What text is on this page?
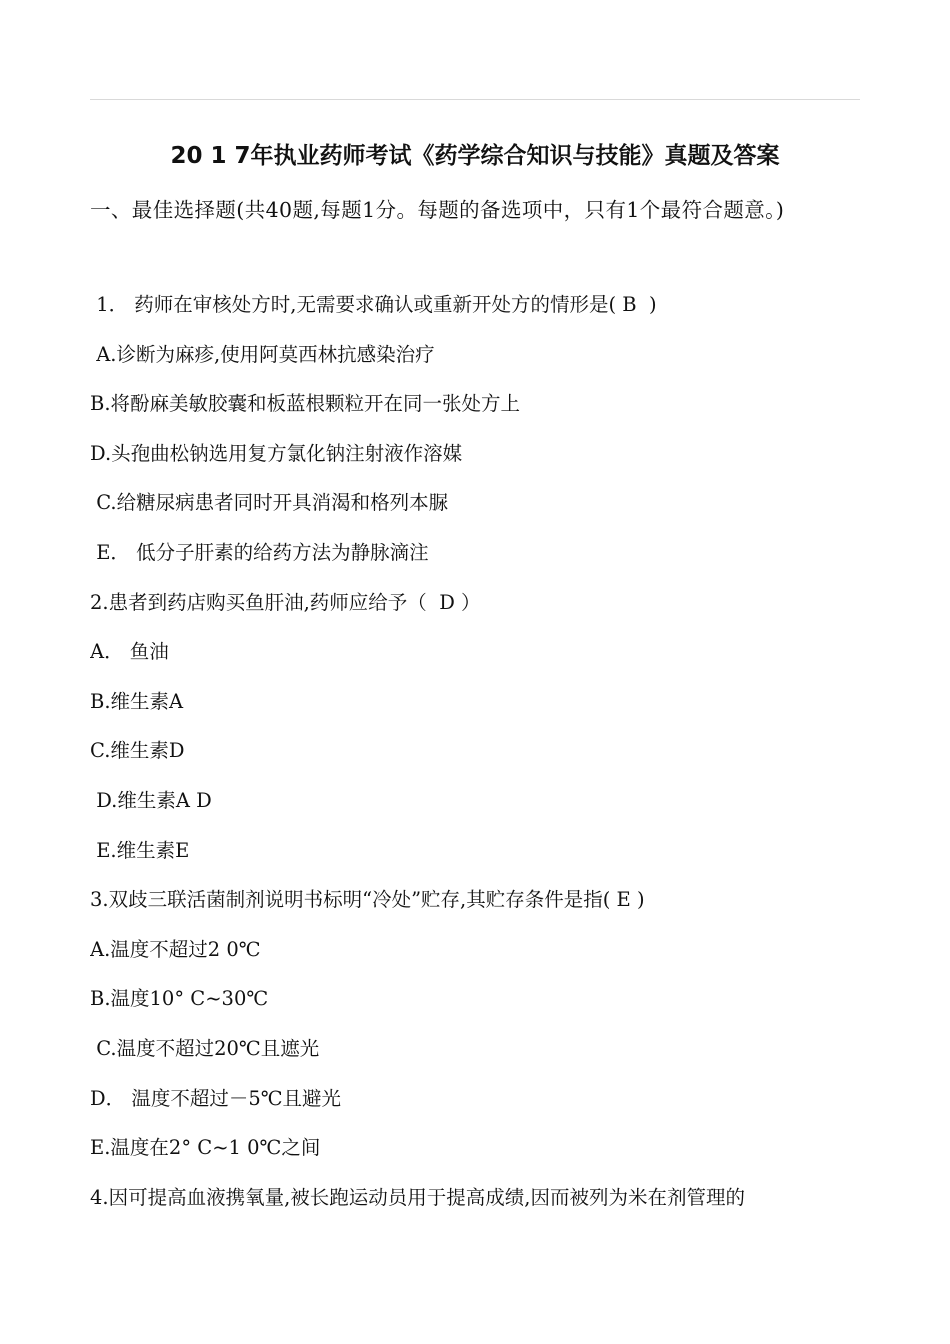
20 1 7年执业药师考试《药学综合知识与技能》真题及答案

一、最佳选择题(共40题,每题1分。每题的备选项中，只有1个最符合题意。)

1． 药师在审核处方时,无需要求确认或重新开处方的情形是( B  )
A.诊断为麻疹,使用阿莫西林抗感染治疗
B.将酚麻美敏胶囊和板蓝根颗粒开在同一张处方上
D.头孢曲松钠选用复方氯化钠注射液作溶媒
C.给糖尿病患者同时开具消渴和格列本脲
E． 低分子肝素的给药方法为静脉滴注
2.患者到药店购买鱼肝油,药师应给予（  D ）
A． 鱼油
B.维生素A
C.维生素D
D.维生素A D
E.维生素E
3.双歧三联活菌制剂说明书标明“冷处”贮存,其贮存条件是指( E )
A.温度不超过2 0℃
B.温度10° C~30℃
C.温度不超过20℃且遮光
D． 温度不超过－5℃且避光
E.温度在2° C~1 0℃之间
4.因可提高血液携氧量,被长跑运动员用于提高成绩,因而被列为米在剂管理的
